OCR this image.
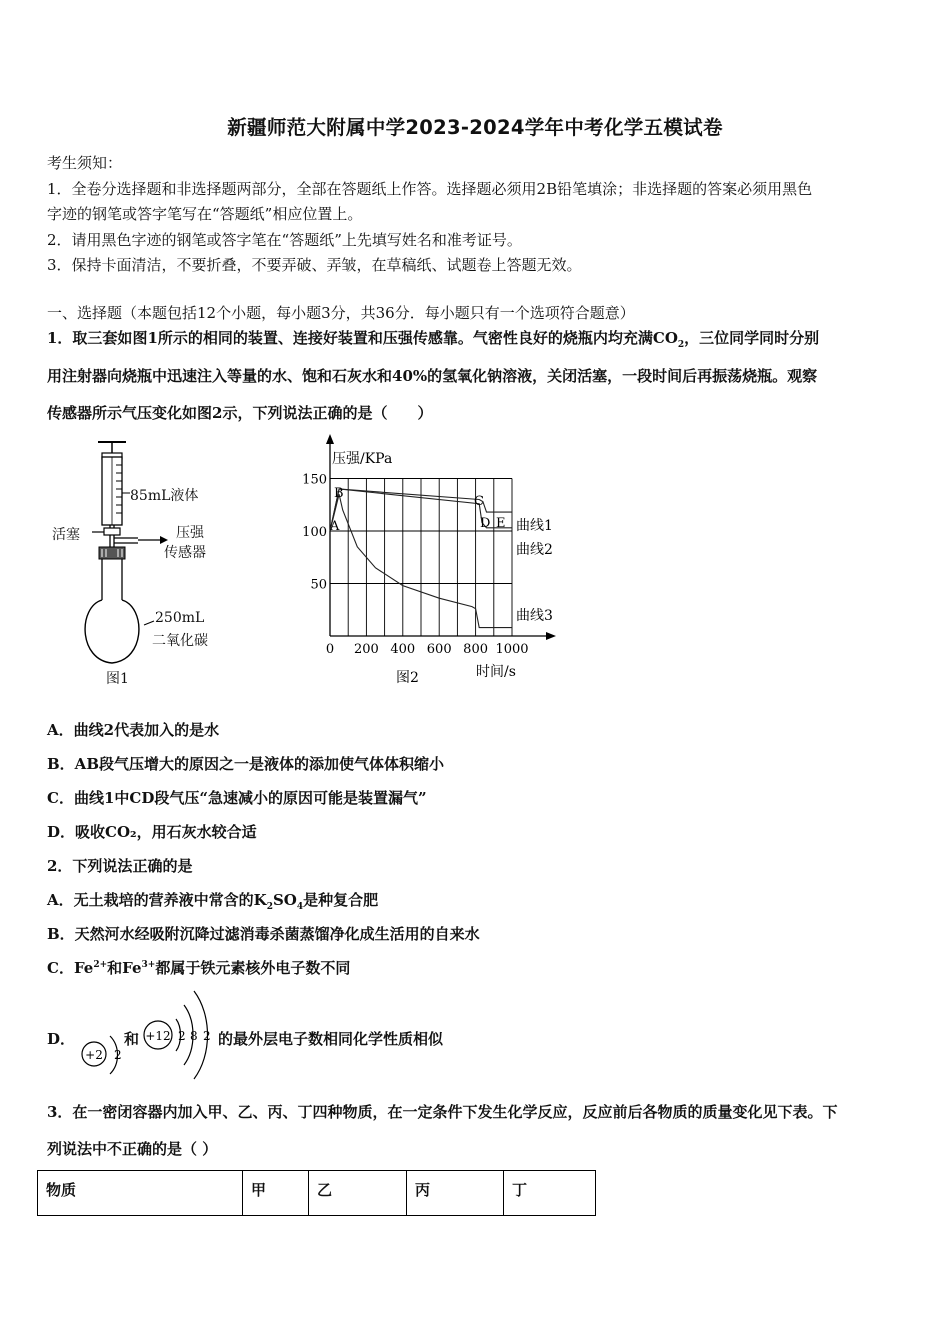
新疆师范大附属中学2023-2024学年中考化学五模试卷
考生须知：
1．全卷分选择题和非选择题两部分，全部在答题纸上作答。选择题必须用2B铅笔填涂；非选择题的答案必须用黑色
字迹的钢笔或答字笔写在“答题纸”相应位置上。
2．请用黑色字迹的钢笔或答字笔在“答题纸”上先填写姓名和准考证号。
3．保持卡面清洁，不要折叠，不要弄破、弄皱，在草稿纸、试题卷上答题无效。
一、选择题（本题包括12个小题，每小题3分，共36分．每小题只有一个选项符合题意）
1．取三套如图1所示的相同的装置、连接好装置和压强传感靠。气密性良好的烧瓶内均充满$CO_2$，三位同学同时分别
用注射器向烧瓶中迅速注入等量的水、饱和石灰水和40%的氢氧化钠溶液，关闭活塞，一段时间后再振荡烧瓶。观察
传感器所示气压变化如图2示，下列说法正确的是（　　）
85mL液体
活塞	压强
传感器
250mL
二氧化碳
图1
0 200 400 600 800 1000
50
100
150
压强/KPa
时间/s
图2
曲线1
曲线2
曲线3
A
B
C
D E
A．曲线2代表加入的是水
B．AB段气压增大的原因之一是液体的添加使气体体积缩小
C．曲线1中CD段气压“急速减小的原因可能是装置漏气”
D．吸收CO₂，用石灰水较合适
2．下列说法正确的是
A．无土栽培的营养液中常含的$K_2SO_4$是种复合肥
B．天然河水经吸附沉降过滤消毒杀菌蒸馏净化成生活用的自来水
C．$Fe^{2+}$和$Fe^{3+}$都属于铁元素核外电子数不同
D．
+2 2
和 +12 2 8 2 的最外层电子数相同化学性质相似
3．在一密闭容器内加入甲、乙、丙、丁四种物质，在一定条件下发生化学反应，反应前后各物质的质量变化见下表。下
列说法中不正确的是（ ）
物质	甲	乙	丙	丁
